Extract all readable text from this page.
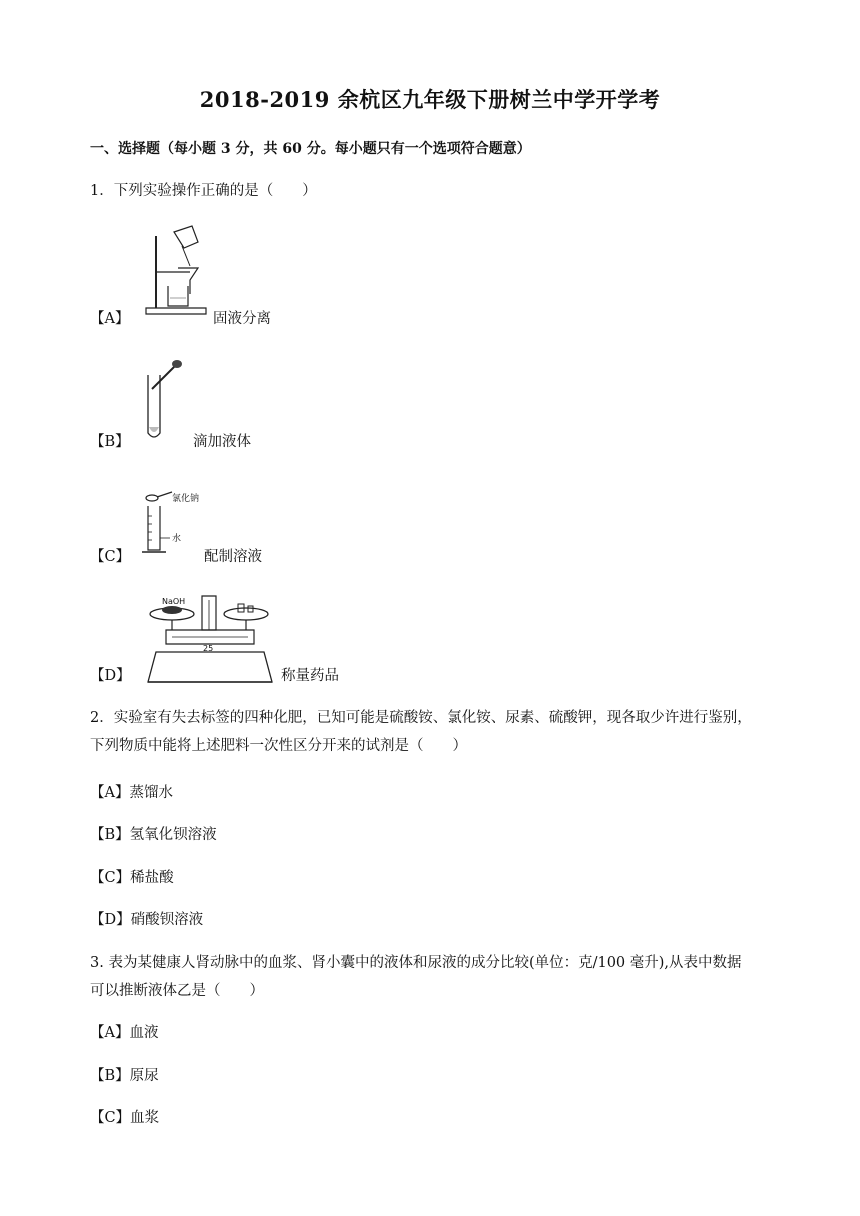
2018-2019 余杭区九年级下册树兰中学开学考
一、选择题（每小题 3 分，共 60 分。每小题只有一个选项符合题意）
1．下列实验操作正确的是（　　）
【A】	固液分离
【B】	滴加液体
【C】
氯化钠
水
配制溶液
【D】
NaOH
25
称量药品
2．实验室有失去标签的四种化肥，已知可能是硫酸铵、氯化铵、尿素、硫酸钾，现各取少许进行鉴别，
下列物质中能将上述肥料一次性区分开来的试剂是（　　）
【A】蒸馏水
【B】氢氧化钡溶液
【C】稀盐酸
【D】硝酸钡溶液
3. 表为某健康人肾动脉中的血浆、肾小囊中的液体和尿液的成分比较(单位：克/100 毫升),从表中数据
可以推断液体乙是（　　）
【A】血液
【B】原尿
【C】血浆
